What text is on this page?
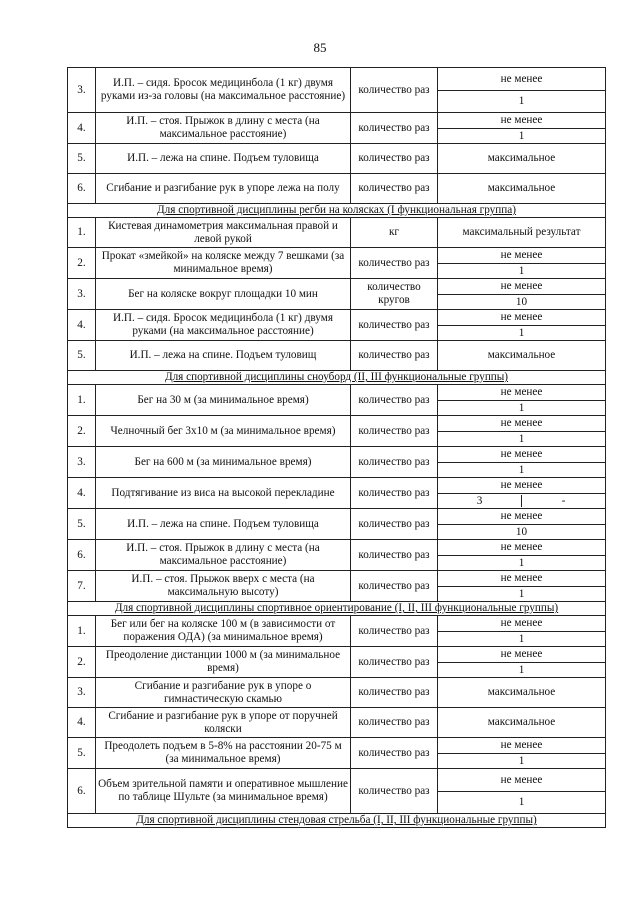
85
3.	И.П. – сидя. Бросок медицинбола (1 кг) двумя руками из-за головы (на максимальное расстояние)	количество раз	не менее
			1
4.	И.П. – стоя. Прыжок в длину с места (на максимальное расстояние)	количество раз	не менее
			1
5.	И.П. – лежа на спине. Подъем туловища	количество раз	максимальное

6.	Сгибание и разгибание рук в упоре лежа на полу	количество раз	максимальное

Для спортивной дисциплины регби на колясках (I функциональная группа)			
1.	Кистевая динамометрия максимальная правой и левой рукой	кг	максимальный результат

2.	Прокат «змейкой» на коляске между 7 вешками (за минимальное время)	количество раз	не менее
			1
3.	Бег на коляске вокруг площадки 10 мин	количество кругов	не менее
			10
4.	И.П. – сидя. Бросок медицинбола (1 кг) двумя руками (на максимальное расстояние)	количество раз	не менее
			1
5.	И.П. – лежа на спине. Подъем туловищ	количество раз	максимальное

Для спортивной дисциплины сноуборд (II, III функциональные группы)			
1.	Бег на 30 м (за минимальное время)	количество раз	не менее
			1
2.	Челночный бег 3x10 м (за минимальное время)	количество раз	не менее
			1
3.	Бег на 600 м (за минимальное время)	количество раз	не менее
			1
4.	Подтягивание из виса на высокой перекладине	количество раз	не менее

			3 -

5.	И.П. – лежа на спине. Подъем туловища	количество раз	не менее
			10
6.	И.П. – стоя. Прыжок в длину с места (на максимальное расстояние)	количество раз	не менее
			1
7.	И.П. – стоя. Прыжок вверх с места (на максимальную высоту)	количество раз	не менее
			1
Для спортивной дисциплины спортивное ориентирование (I, II, III функциональные группы)			
1.	Бег или бег на коляске 100 м (в зависимости от поражения ОДА) (за минимальное время)	количество раз	не менее
			1
2.	Преодоление дистанции 1000 м (за минимальное время)	количество раз	не менее
			1
3.	Сгибание и разгибание рук в упоре о гимнастическую скамью	количество раз	максимальное

4.	Сгибание и разгибание рук в упоре от поручней коляски	количество раз	максимальное

5.	Преодолеть подъем в 5-8% на расстоянии 20-75 м (за минимальное время)	количество раз	не менее
			1
6.	Объем зрительной памяти и оперативное мышление по таблице Шульте (за минимальное время)	количество раз	не менее
			1
Для спортивной дисциплины стендовая стрельба (I, II, III функциональные группы)			
